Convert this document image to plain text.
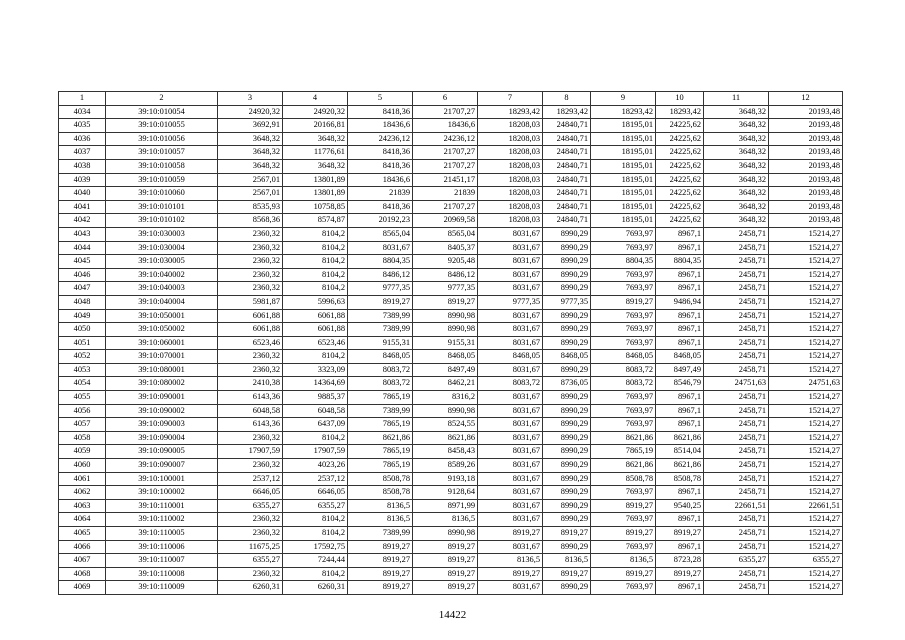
1	2	3	4	5	6	7	8	9	10	11	12
4034	39:10:010054	24920,32	24920,32	8418,36	21707,27	18293,42	18293,42	18293,42	18293,42	3648,32	20193,48
4035	39:10:010055	3692,91	20166,81	18436,6	18436,6	18208,03	24840,71	18195,01	24225,62	3648,32	20193,48
4036	39:10:010056	3648,32	3648,32	24236,12	24236,12	18208,03	24840,71	18195,01	24225,62	3648,32	20193,48
4037	39:10:010057	3648,32	11776,61	8418,36	21707,27	18208,03	24840,71	18195,01	24225,62	3648,32	20193,48
4038	39:10:010058	3648,32	3648,32	8418,36	21707,27	18208,03	24840,71	18195,01	24225,62	3648,32	20193,48
4039	39:10:010059	2567,01	13801,89	18436,6	21451,17	18208,03	24840,71	18195,01	24225,62	3648,32	20193,48
4040	39:10:010060	2567,01	13801,89	21839	21839	18208,03	24840,71	18195,01	24225,62	3648,32	20193,48
4041	39:10:010101	8535,93	10758,85	8418,36	21707,27	18208,03	24840,71	18195,01	24225,62	3648,32	20193,48
4042	39:10:010102	8568,36	8574,87	20192,23	20969,58	18208,03	24840,71	18195,01	24225,62	3648,32	20193,48
4043	39:10:030003	2360,32	8104,2	8565,04	8565,04	8031,67	8990,29	7693,97	8967,1	2458,71	15214,27
4044	39:10:030004	2360,32	8104,2	8031,67	8405,37	8031,67	8990,29	7693,97	8967,1	2458,71	15214,27
4045	39:10:030005	2360,32	8104,2	8804,35	9205,48	8031,67	8990,29	8804,35	8804,35	2458,71	15214,27
4046	39:10:040002	2360,32	8104,2	8486,12	8486,12	8031,67	8990,29	7693,97	8967,1	2458,71	15214,27
4047	39:10:040003	2360,32	8104,2	9777,35	9777,35	8031,67	8990,29	7693,97	8967,1	2458,71	15214,27
4048	39:10:040004	5981,87	5996,63	8919,27	8919,27	9777,35	9777,35	8919,27	9486,94	2458,71	15214,27
4049	39:10:050001	6061,88	6061,88	7389,99	8990,98	8031,67	8990,29	7693,97	8967,1	2458,71	15214,27
4050	39:10:050002	6061,88	6061,88	7389,99	8990,98	8031,67	8990,29	7693,97	8967,1	2458,71	15214,27
4051	39:10:060001	6523,46	6523,46	9155,31	9155,31	8031,67	8990,29	7693,97	8967,1	2458,71	15214,27
4052	39:10:070001	2360,32	8104,2	8468,05	8468,05	8468,05	8468,05	8468,05	8468,05	2458,71	15214,27
4053	39:10:080001	2360,32	3323,09	8083,72	8497,49	8031,67	8990,29	8083,72	8497,49	2458,71	15214,27
4054	39:10:080002	2410,38	14364,69	8083,72	8462,21	8083,72	8736,05	8083,72	8546,79	24751,63	24751,63
4055	39:10:090001	6143,36	9885,37	7865,19	8316,2	8031,67	8990,29	7693,97	8967,1	2458,71	15214,27
4056	39:10:090002	6048,58	6048,58	7389,99	8990,98	8031,67	8990,29	7693,97	8967,1	2458,71	15214,27
4057	39:10:090003	6143,36	6437,09	7865,19	8524,55	8031,67	8990,29	7693,97	8967,1	2458,71	15214,27
4058	39:10:090004	2360,32	8104,2	8621,86	8621,86	8031,67	8990,29	8621,86	8621,86	2458,71	15214,27
4059	39:10:090005	17907,59	17907,59	7865,19	8458,43	8031,67	8990,29	7865,19	8514,04	2458,71	15214,27
4060	39:10:090007	2360,32	4023,26	7865,19	8589,26	8031,67	8990,29	8621,86	8621,86	2458,71	15214,27
4061	39:10:100001	2537,12	2537,12	8508,78	9193,18	8031,67	8990,29	8508,78	8508,78	2458,71	15214,27
4062	39:10:100002	6646,05	6646,05	8508,78	9128,64	8031,67	8990,29	7693,97	8967,1	2458,71	15214,27
4063	39:10:110001	6355,27	6355,27	8136,5	8971,99	8031,67	8990,29	8919,27	9540,25	22661,51	22661,51
4064	39:10:110002	2360,32	8104,2	8136,5	8136,5	8031,67	8990,29	7693,97	8967,1	2458,71	15214,27
4065	39:10:110005	2360,32	8104,2	7389,99	8990,98	8919,27	8919,27	8919,27	8919,27	2458,71	15214,27
4066	39:10:110006	11675,25	17592,75	8919,27	8919,27	8031,67	8990,29	7693,97	8967,1	2458,71	15214,27
4067	39:10:110007	6355,27	7244,44	8919,27	8919,27	8136,5	8136,5	8136,5	8723,28	6355,27	6355,27
4068	39:10:110008	2360,32	8104,2	8919,27	8919,27	8919,27	8919,27	8919,27	8919,27	2458,71	15214,27
4069	39:10:110009	6260,31	6260,31	8919,27	8919,27	8031,67	8990,29	7693,97	8967,1	2458,71	15214,27
14422
